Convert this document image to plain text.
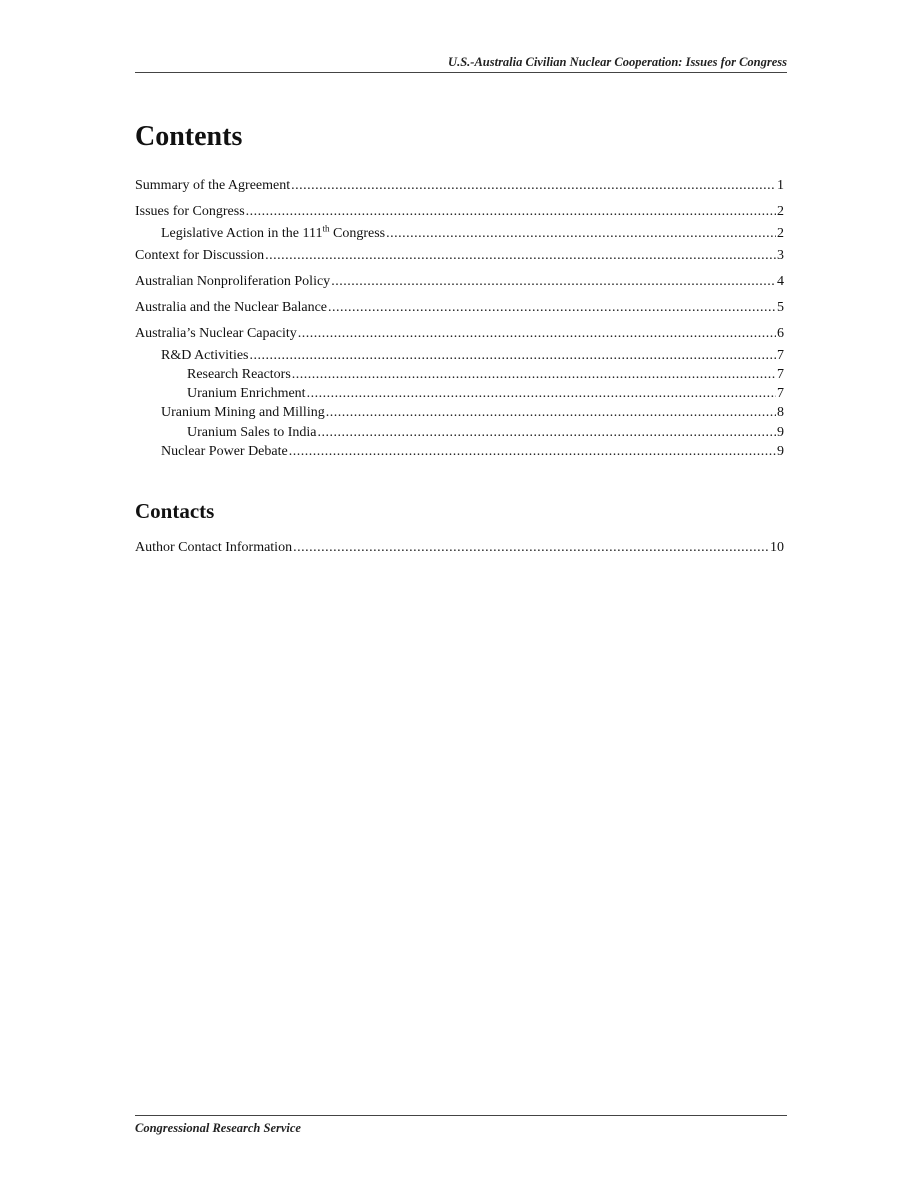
U.S.-Australia Civilian Nuclear Cooperation: Issues for Congress
Contents
Summary of the Agreement .....	1
Issues for Congress .....	2
Legislative Action in the 111th Congress .....	2
Context for Discussion .....	3
Australian Nonproliferation Policy .....	4
Australia and the Nuclear Balance .....	5
Australia’s Nuclear Capacity .....	6
R&D Activities .....	7
Research Reactors .....	7
Uranium Enrichment .....	7
Uranium Mining and Milling .....	8
Uranium Sales to India .....	9
Nuclear Power Debate .....	9
Contacts
Author Contact Information .....	10
Congressional Research Service
